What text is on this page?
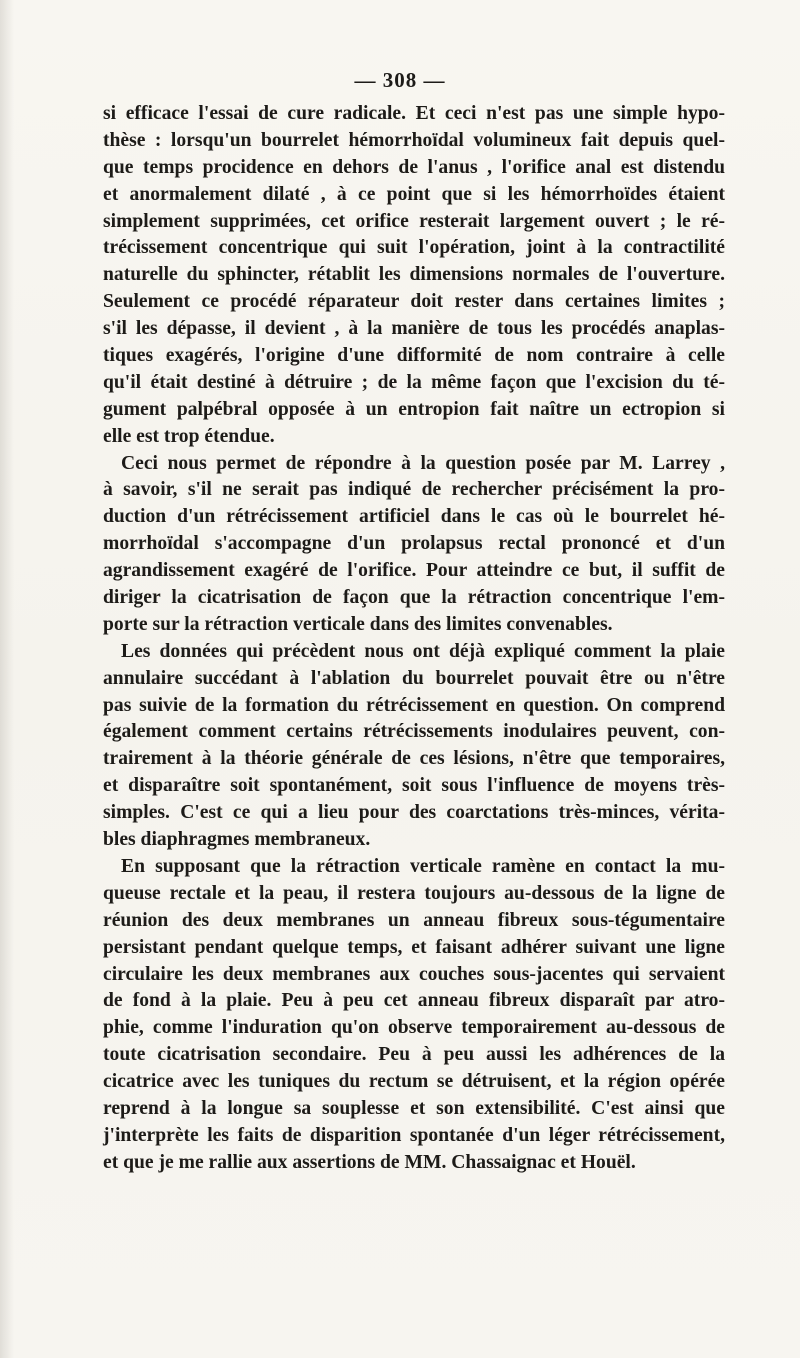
— 308 —
si efficace l'essai de cure radicale. Et ceci n'est pas une simple hypo-
thèse : lorsqu'un bourrelet hémorrhoïdal volumineux fait depuis quel-
que temps procidence en dehors de l'anus , l'orifice anal est distendu
et anormalement dilaté , à ce point que si les hémorrhoïdes étaient
simplement supprimées, cet orifice resterait largement ouvert ; le ré-
trécissement concentrique qui suit l'opération, joint à la contractilité
naturelle du sphincter, rétablit les dimensions normales de l'ouverture.
Seulement ce procédé réparateur doit rester dans certaines limites ;
s'il les dépasse, il devient , à la manière de tous les procédés anaplas-
tiques exagérés, l'origine d'une difformité de nom contraire à celle
qu'il était destiné à détruire ; de la même façon que l'excision du té-
gument palpébral opposée à un entropion fait naître un ectropion si
elle est trop étendue.
Ceci nous permet de répondre à la question posée par M. Larrey ,
à savoir, s'il ne serait pas indiqué de rechercher précisément la pro-
duction d'un rétrécissement artificiel dans le cas où le bourrelet hé-
morrhoïdal s'accompagne d'un prolapsus rectal prononcé et d'un
agrandissement exagéré de l'orifice. Pour atteindre ce but, il suffit de
diriger la cicatrisation de façon que la rétraction concentrique l'em-
porte sur la rétraction verticale dans des limites convenables.
Les données qui précèdent nous ont déjà expliqué comment la plaie
annulaire succédant à l'ablation du bourrelet pouvait être ou n'être
pas suivie de la formation du rétrécissement en question. On comprend
également comment certains rétrécissements inodulaires peuvent, con-
trairement à la théorie générale de ces lésions, n'être que temporaires,
et disparaître soit spontanément, soit sous l'influence de moyens très-
simples. C'est ce qui a lieu pour des coarctations très-minces, vérita-
bles diaphragmes membraneux.
En supposant que la rétraction verticale ramène en contact la mu-
queuse rectale et la peau, il restera toujours au-dessous de la ligne de
réunion des deux membranes un anneau fibreux sous-tégumentaire
persistant pendant quelque temps, et faisant adhérer suivant une ligne
circulaire les deux membranes aux couches sous-jacentes qui servaient
de fond à la plaie. Peu à peu cet anneau fibreux disparaît par atro-
phie, comme l'induration qu'on observe temporairement au-dessous de
toute cicatrisation secondaire. Peu à peu aussi les adhérences de la
cicatrice avec les tuniques du rectum se détruisent, et la région opérée
reprend à la longue sa souplesse et son extensibilité. C'est ainsi que
j'interprète les faits de disparition spontanée d'un léger rétrécissement,
et que je me rallie aux assertions de MM. Chassaignac et Houël.
